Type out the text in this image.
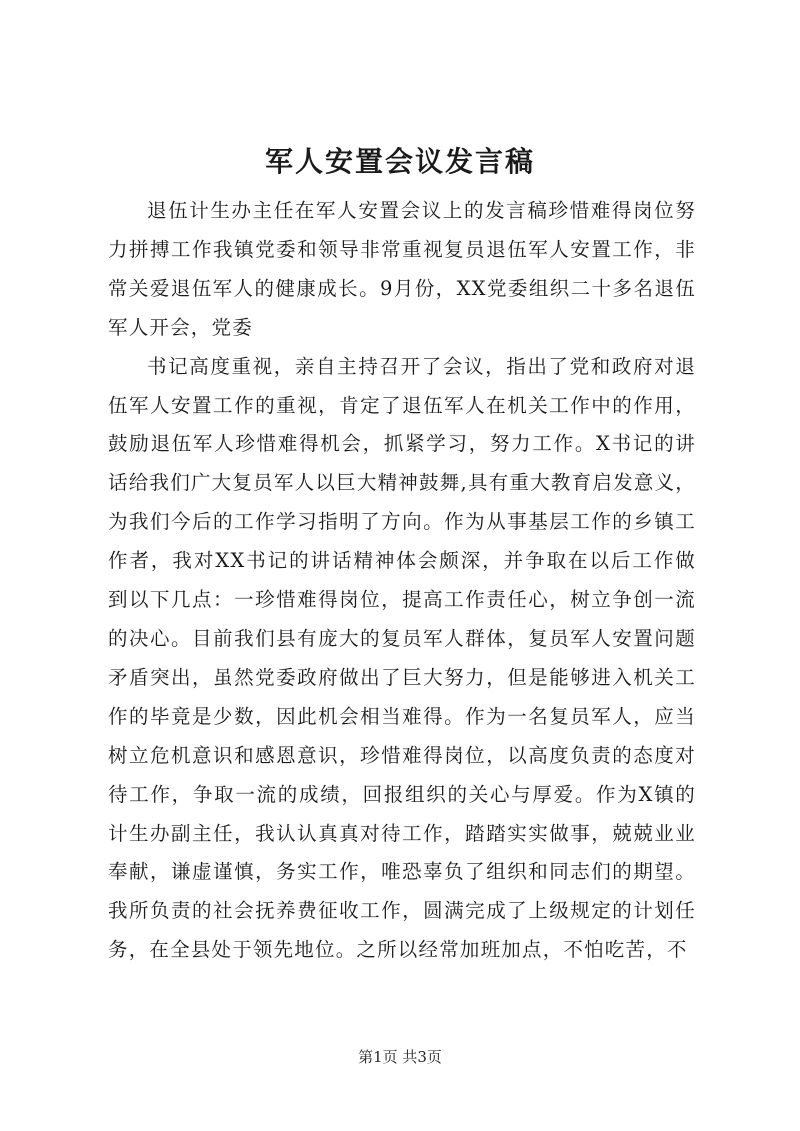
军人安置会议发言稿

退伍计生办主任在军人安置会议上的发言稿珍惜难得岗位努力拼搏工作我镇党委和领导非常重视复员退伍军人安置工作，非常关爱退伍军人的健康成长。9月份，XX党委组织二十多名退伍军人开会，党委

书记高度重视，亲自主持召开了会议，指出了党和政府对退伍军人安置工作的重视，肯定了退伍军人在机关工作中的作用，鼓励退伍军人珍惜难得机会，抓紧学习，努力工作。X书记的讲话给我们广大复员军人以巨大精神鼓舞,具有重大教育启发意义，为我们今后的工作学习指明了方向。作为从事基层工作的乡镇工作者，我对XX书记的讲话精神体会颇深，并争取在以后工作做到以下几点：一珍惜难得岗位，提高工作责任心，树立争创一流的决心。目前我们县有庞大的复员军人群体，复员军人安置问题矛盾突出，虽然党委政府做出了巨大努力，但是能够进入机关工作的毕竟是少数，因此机会相当难得。作为一名复员军人，应当树立危机意识和感恩意识，珍惜难得岗位，以高度负责的态度对待工作，争取一流的成绩，回报组织的关心与厚爱。作为X镇的计生办副主任，我认认真真对待工作，踏踏实实做事，兢兢业业奉献，谦虚谨慎，务实工作，唯恐辜负了组织和同志们的期望。我所负责的社会抚养费征收工作，圆满完成了上级规定的计划任务，在全县处于领先地位。之所以经常加班加点，不怕吃苦，不

第1页 共3页
